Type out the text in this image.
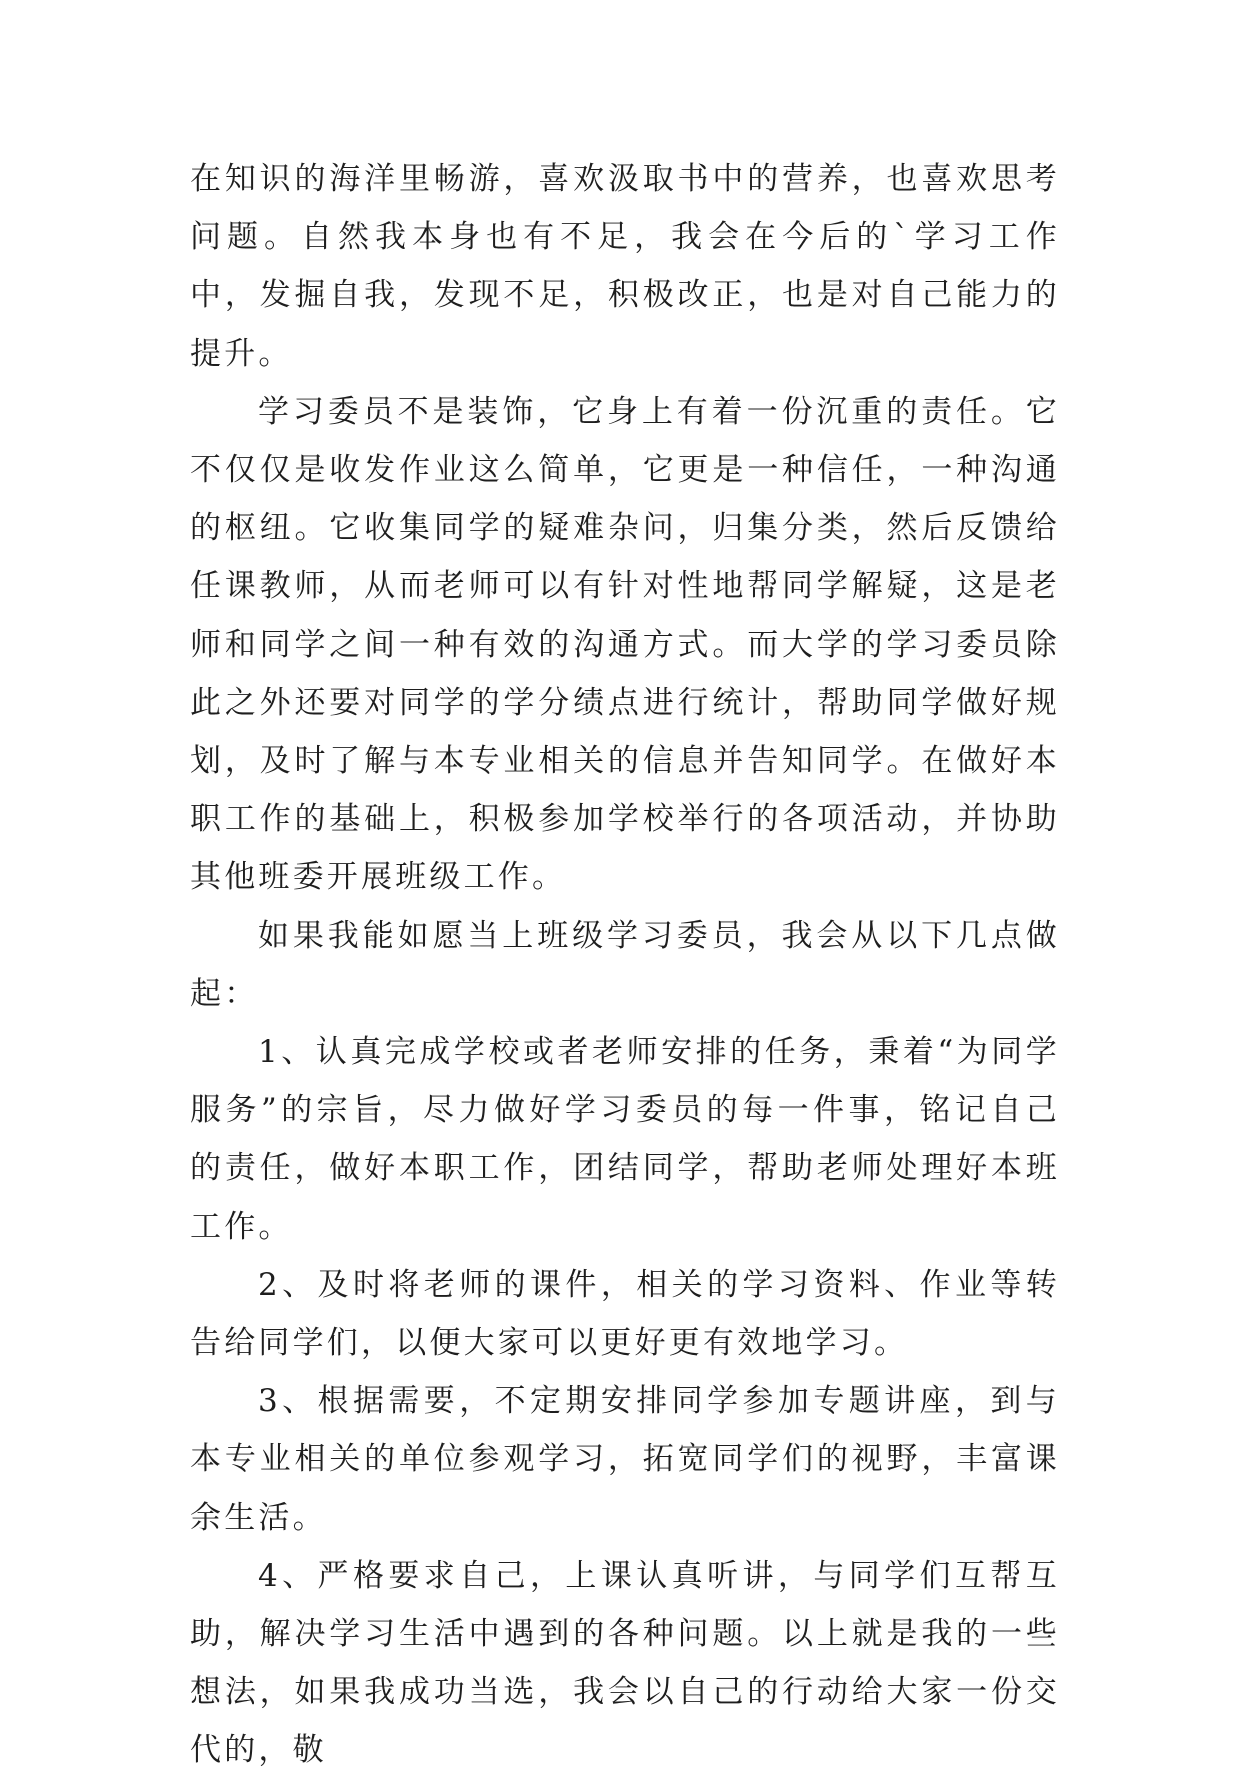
在知识的海洋里畅游，喜欢汲取书中的营养，也喜欢思考问题。自然我本身也有不足，我会在今后的`学习工作中，发掘自我，发现不足，积极改正，也是对自己能力的提升。

学习委员不是装饰，它身上有着一份沉重的责任。它不仅仅是收发作业这么简单，它更是一种信任，一种沟通的枢纽。它收集同学的疑难杂问，归集分类，然后反馈给任课教师，从而老师可以有针对性地帮同学解疑，这是老师和同学之间一种有效的沟通方式。而大学的学习委员除此之外还要对同学的学分绩点进行统计，帮助同学做好规划，及时了解与本专业相关的信息并告知同学。在做好本职工作的基础上，积极参加学校举行的各项活动，并协助其他班委开展班级工作。

如果我能如愿当上班级学习委员，我会从以下几点做起：

1、认真完成学校或者老师安排的任务，秉着“为同学服务”的宗旨，尽力做好学习委员的每一件事，铭记自己的责任，做好本职工作，团结同学，帮助老师处理好本班工作。

2、及时将老师的课件，相关的学习资料、作业等转告给同学们，以便大家可以更好更有效地学习。

3、根据需要，不定期安排同学参加专题讲座，到与本专业相关的单位参观学习，拓宽同学们的视野，丰富课余生活。

4、严格要求自己，上课认真听讲，与同学们互帮互助，解决学习生活中遇到的各种问题。以上就是我的一些想法，如果我成功当选，我会以自己的行动给大家一份交代的，敬
